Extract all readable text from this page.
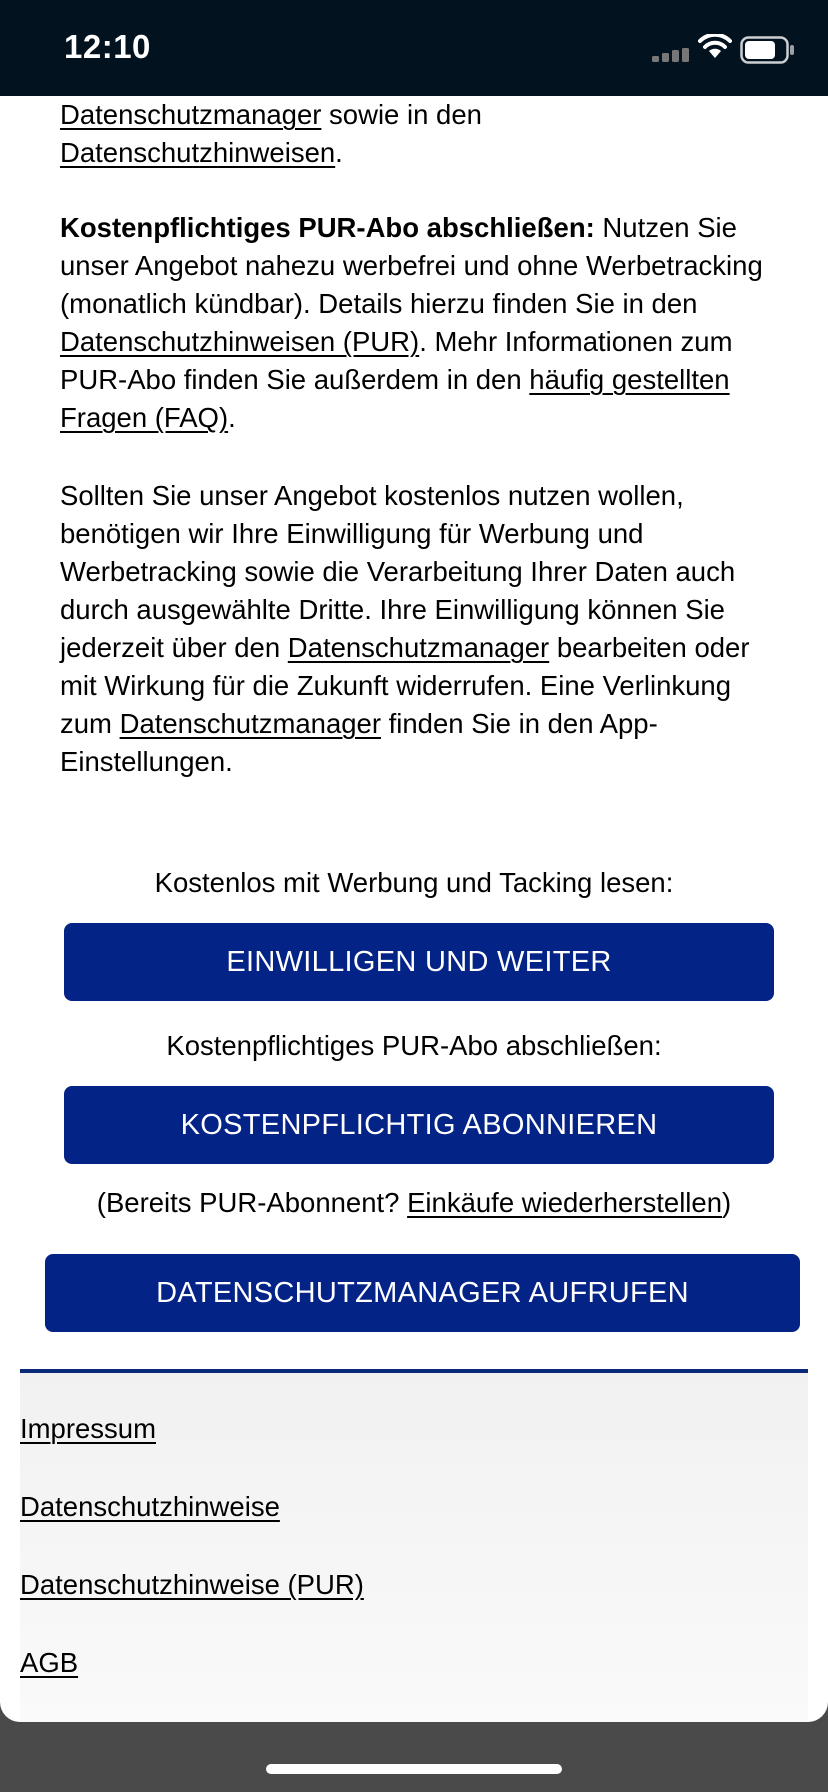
12:10

Datenschutzmanager sowie in den
Datenschutzhinweisen.

Kostenpflichtiges PUR-Abo abschließen: Nutzen Sie unser Angebot nahezu werbefrei und ohne Werbetracking (monatlich kündbar). Details hierzu finden Sie in den Datenschutzhinweisen (PUR). Mehr Informationen zum PUR-Abo finden Sie außerdem in den häufig gestellten Fragen (FAQ).

Sollten Sie unser Angebot kostenlos nutzen wollen, benötigen wir Ihre Einwilligung für Werbung und Werbetracking sowie die Verarbeitung Ihrer Daten auch durch ausgewählte Dritte. Ihre Einwilligung können Sie jederzeit über den Datenschutzmanager bearbeiten oder mit Wirkung für die Zukunft widerrufen. Eine Verlinkung zum Datenschutzmanager finden Sie in den App-Einstellungen.

Kostenlos mit Werbung und Tacking lesen:
EINWILLIGEN UND WEITER
Kostenpflichtiges PUR-Abo abschließen:
KOSTENPFLICHTIG ABONNIEREN
(Bereits PUR-Abonnent? Einkäufe wiederherstellen)
DATENSCHUTZMANAGER AUFRUFEN
Impressum
Datenschutzhinweise
Datenschutzhinweise (PUR)
AGB
